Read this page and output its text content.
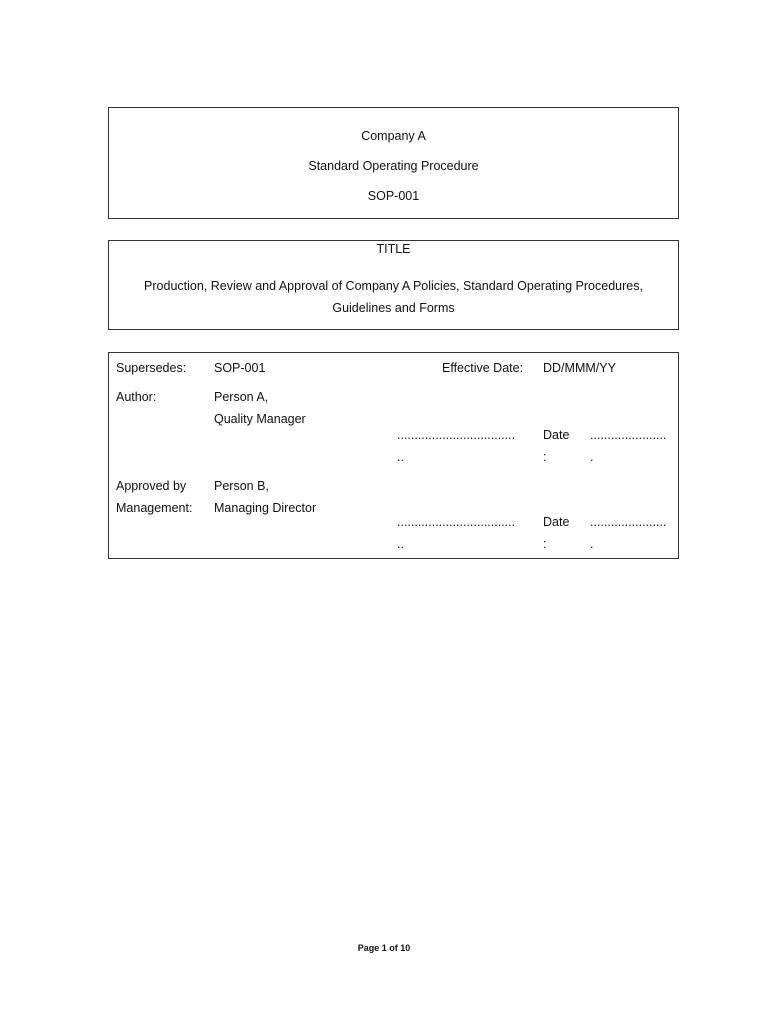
Company A
Standard Operating Procedure
SOP-001
TITLE
Production, Review and Approval of Company A Policies, Standard Operating Procedures,
Guidelines and Forms
Supersedes: SOP-001	Effective Date: DD/MMM/YY
Author:	Person A,
Quality Manager
..................................
..
Date
:
......................
.
Approved by
Management:
Person B,
Managing Director
..................................
..
Date
:
......................
.
Page 1 of 10
